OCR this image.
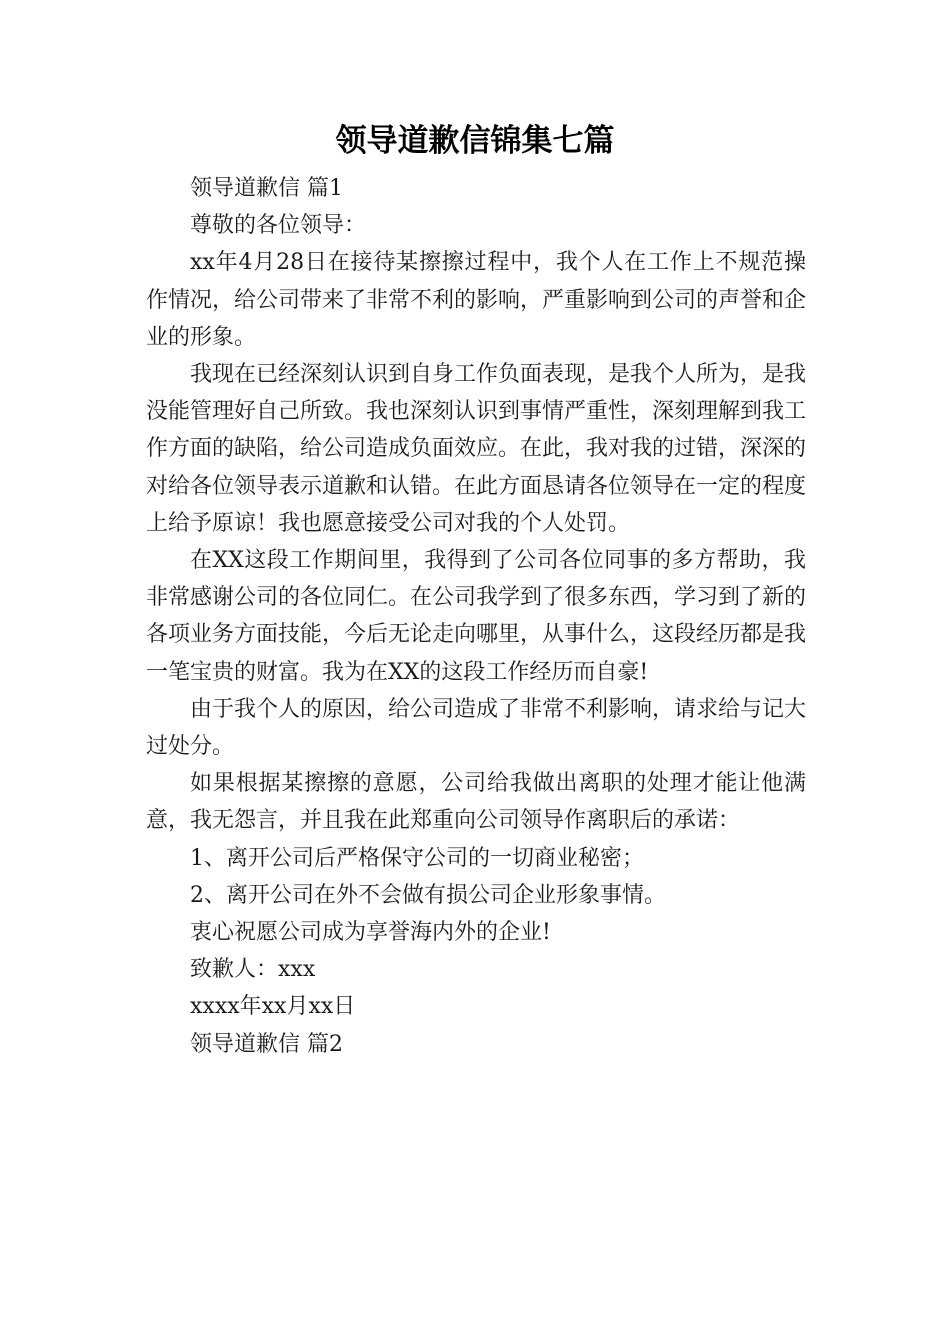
领导道歉信锦集七篇

领导道歉信 篇1

尊敬的各位领导：

xx年4月28日在接待某擦擦过程中，我个人在工作上不规范操作情况，给公司带来了非常不利的影响，严重影响到公司的声誉和企业的形象。

我现在已经深刻认识到自身工作负面表现，是我个人所为，是我没能管理好自己所致。我也深刻认识到事情严重性，深刻理解到我工作方面的缺陷，给公司造成负面效应。在此，我对我的过错，深深的对给各位领导表示道歉和认错。在此方面恳请各位领导在一定的程度上给予原谅！我也愿意接受公司对我的个人处罚。

在XX这段工作期间里，我得到了公司各位同事的多方帮助，我非常感谢公司的各位同仁。在公司我学到了很多东西，学习到了新的各项业务方面技能，今后无论走向哪里，从事什么，这段经历都是我一笔宝贵的财富。我为在XX的这段工作经历而自豪!

由于我个人的原因，给公司造成了非常不利影响，请求给与记大过处分。

如果根据某擦擦的意愿，公司给我做出离职的处理才能让他满意，我无怨言，并且我在此郑重向公司领导作离职后的承诺：

1、离开公司后严格保守公司的一切商业秘密；

2、离开公司在外不会做有损公司企业形象事情。

衷心祝愿公司成为享誉海内外的企业!

致歉人：xxx

xxxx年xx月xx日

领导道歉信 篇2
